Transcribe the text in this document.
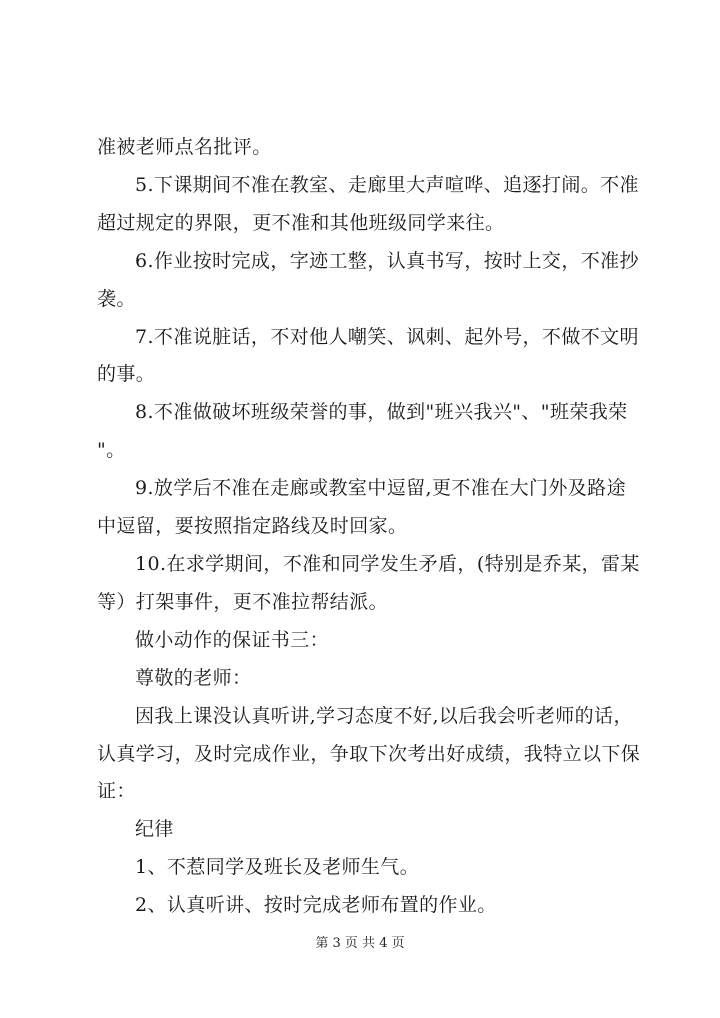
准被老师点名批评。
5.下课期间不准在教室、走廊里大声喧哗、追逐打闹。不准
超过规定的界限，更不准和其他班级同学来往。
6.作业按时完成，字迹工整，认真书写，按时上交，不准抄
袭。
7.不准说脏话，不对他人嘲笑、讽刺、起外号，不做不文明
的事。
8.不准做破坏班级荣誉的事，做到"班兴我兴"、"班荣我荣
"。
9.放学后不准在走廊或教室中逗留,更不准在大门外及路途
中逗留，要按照指定路线及时回家。
10.在求学期间，不准和同学发生矛盾，(特别是乔某，雷某
等）打架事件，更不准拉帮结派。
做小动作的保证书三：
尊敬的老师：
因我上课没认真听讲,学习态度不好,以后我会听老师的话，
认真学习，及时完成作业，争取下次考出好成绩，我特立以下保
证：
纪律
1、不惹同学及班长及老师生气。
2、认真听讲、按时完成老师布置的作业。
第 3 页 共 4 页
